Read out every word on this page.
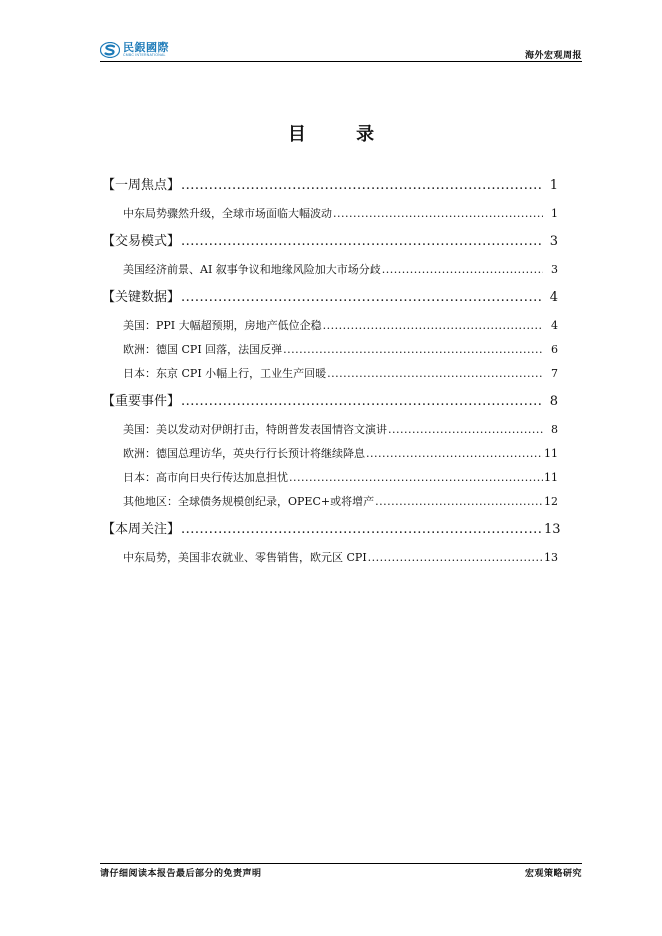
民銀國際
CMBC INTERNATIONAL	海外宏观周报
目 录
【一周焦点】 .....	1
中东局势骤然升级，全球市场面临大幅波动 .....	1
【交易模式】 .....	3
美国经济前景、AI 叙事争议和地缘风险加大市场分歧 .....	3
【关键数据】 .....	4
美国：PPI 大幅超预期，房地产低位企稳 .....	4
欧洲：德国 CPI 回落，法国反弹 .....	6
日本：东京 CPI 小幅上行，工业生产回暖 .....	7
【重要事件】 .....	8
美国：美以发动对伊朗打击，特朗普发表国情咨文演讲 .....	8
欧洲：德国总理访华，英央行行长预计将继续降息 .....	11
日本：高市向日央行传达加息担忧 .....	11
其他地区：全球债务规模创纪录，OPEC+或将增产 .....	12
【本周关注】 .....	13
中东局势，美国非农就业、零售销售，欧元区 CPI .....	13
请仔细阅读本报告最后部分的免责声明	宏观策略研究
